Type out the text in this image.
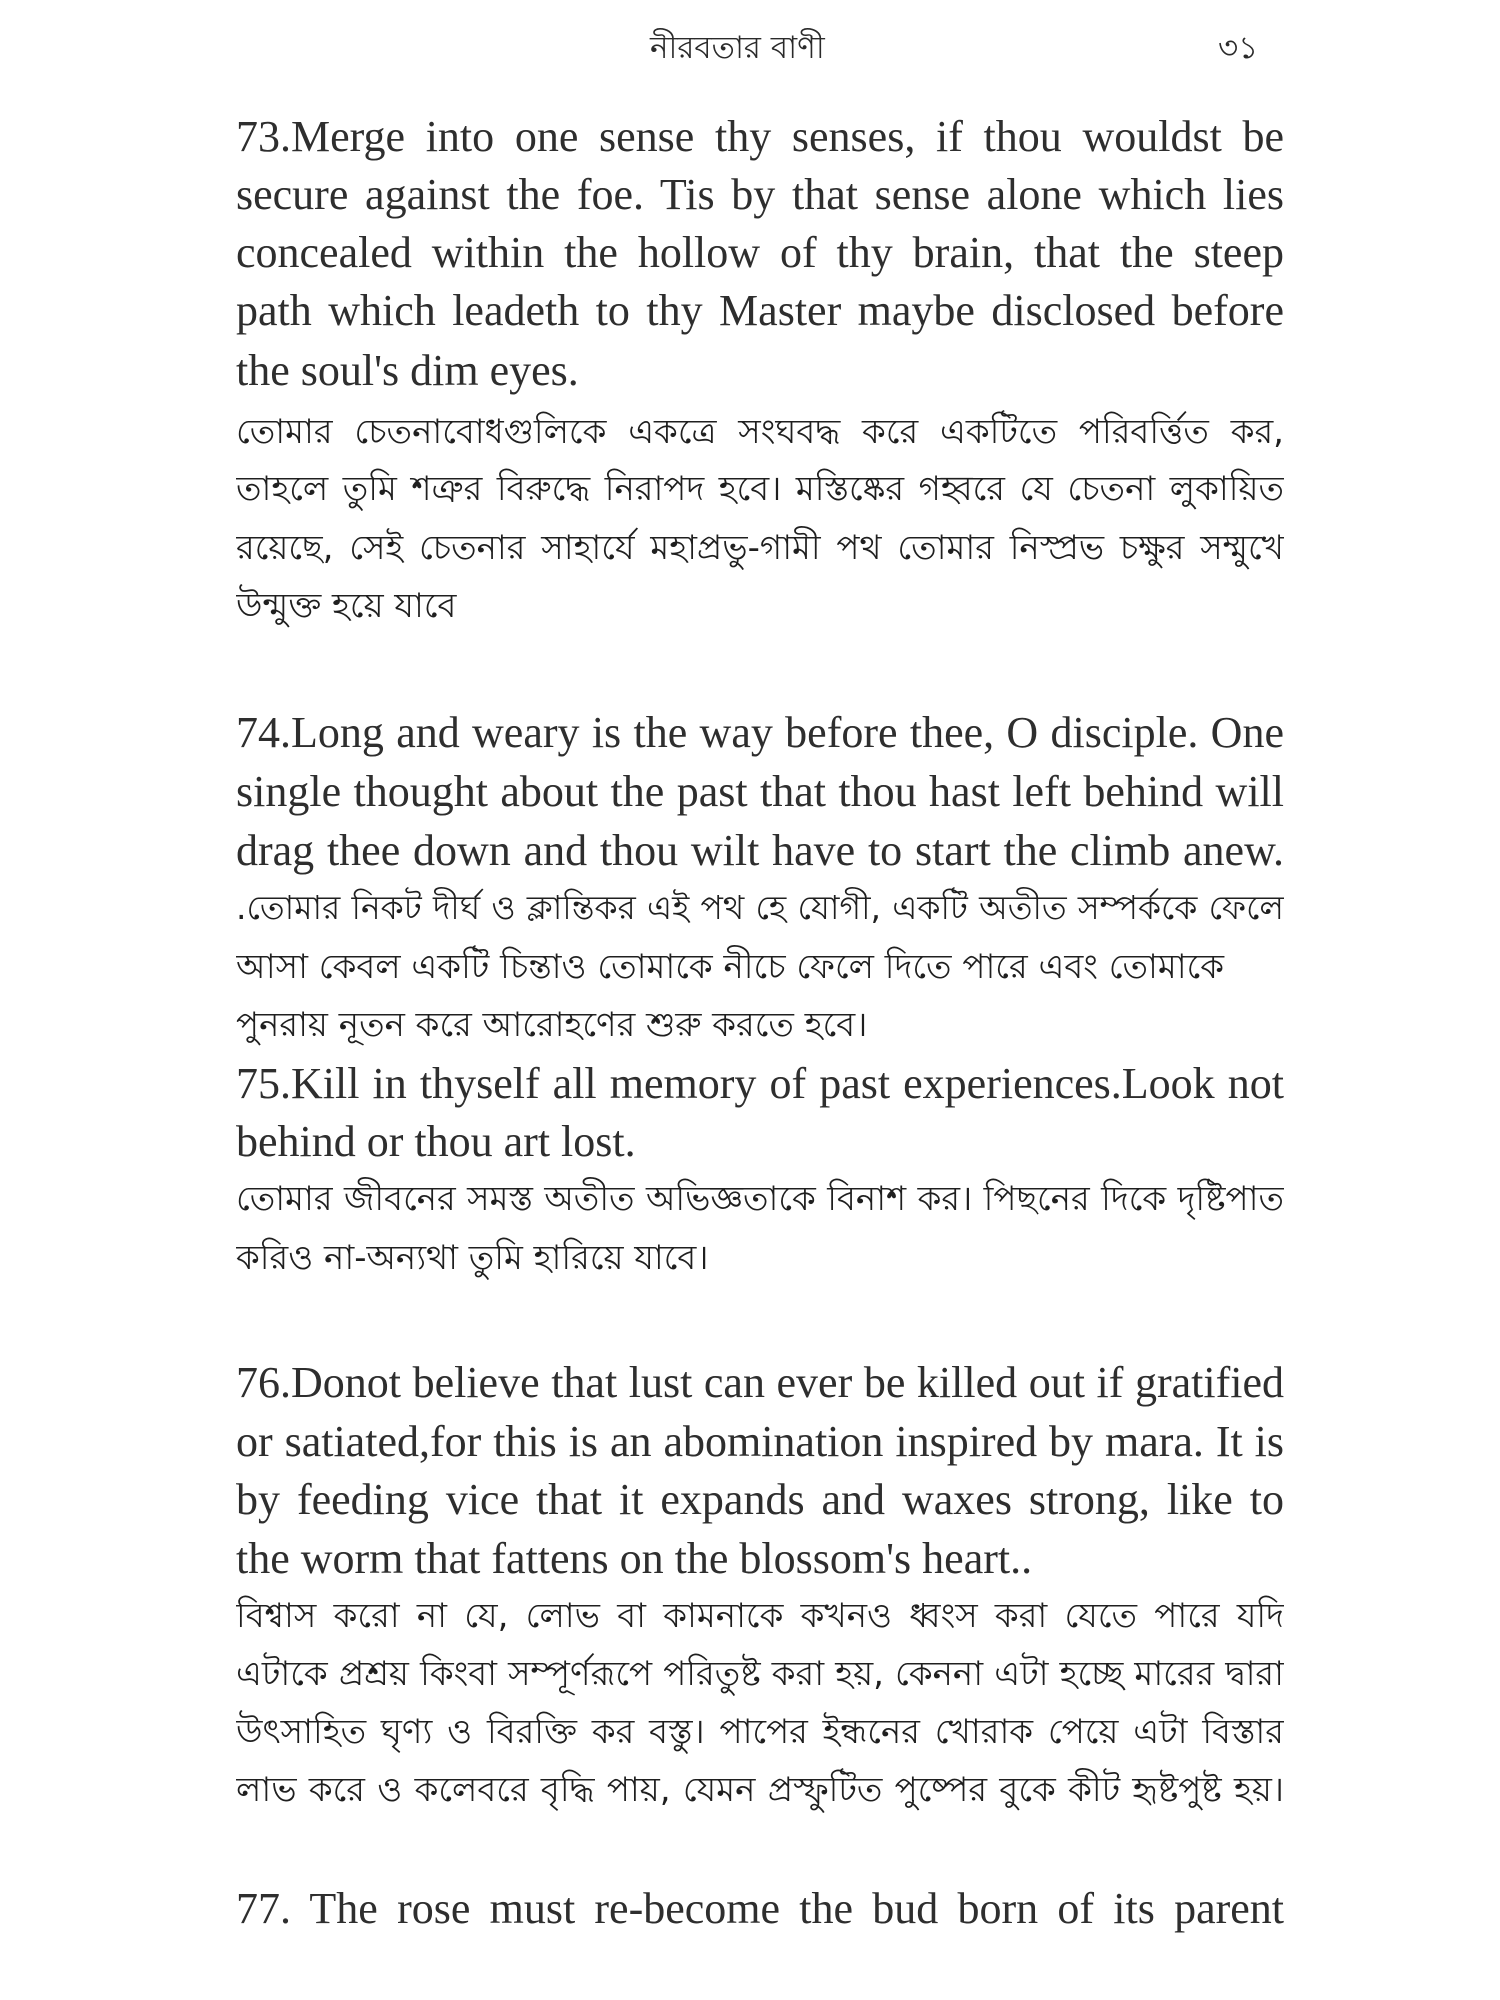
নীরবতার বাণী	৩১
73.Merge into one sense thy senses, if thou wouldst be
secure against the foe. Tis by that sense alone which lies
concealed within the hollow of thy brain, that the steep
path which leadeth to thy Master maybe disclosed before
the soul's dim eyes.
তোমার চেতনাবোধগুলিকে একত্রে সংঘবদ্ধ করে একটিতে পরিবর্ত্তিত কর,
তাহলে তুমি শত্রুর বিরুদ্ধে নিরাপদ হবে। মস্তিষ্কের গহ্বরে যে চেতনা লুকায়িত
রয়েছে, সেই চেতনার সাহার্যে মহাপ্রভু-গামী পথ তোমার নিস্প্রভ চক্ষুর সম্মুখে
উন্মুক্ত হয়ে যাবে
74.Long and weary is the way before thee, O disciple. One
single thought about the past that thou hast left behind will
drag thee down and thou wilt have to start the climb anew.
.তোমার নিকট দীর্ঘ ও ক্লান্তিকর এই পথ হে যোগী, একটি অতীত সম্পর্ককে ফেলে
আসা কেবল একটি চিন্তাও তোমাকে নীচে ফেলে দিতে পারে এবং তোমাকে
পুনরায় নূতন করে আরোহণের শুরু করতে হবে।
75.Kill in thyself all memory of past experiences.Look not
behind or thou art lost.
তোমার জীবনের সমস্ত অতীত অভিজ্ঞতাকে বিনাশ কর। পিছনের দিকে দৃষ্টিপাত
করিও না-অন্যথা তুমি হারিয়ে যাবে।
76.Donot believe that lust can ever be killed out if gratified
or satiated,for this is an abomination inspired by mara. It is
by feeding vice that it expands and waxes strong, like to
the worm that fattens on the blossom's heart..
বিশ্বাস করো না যে, লোভ বা কামনাকে কখনও ধ্বংস করা যেতে পারে যদি
এটাকে প্রশ্রয় কিংবা সম্পূর্ণরূপে পরিতুষ্ট করা হয়, কেননা এটা হচ্ছে মারের দ্বারা
উৎসাহিত ঘৃণ্য ও বিরক্তি কর বস্তু। পাপের ইন্ধনের খোরাক পেয়ে এটা বিস্তার
লাভ করে ও কলেবরে বৃদ্ধি পায়, যেমন প্রস্ফুটিত পুষ্পের বুকে কীট হৃষ্টপুষ্ট হয়।
77. The rose must re-become the bud born of its parent
